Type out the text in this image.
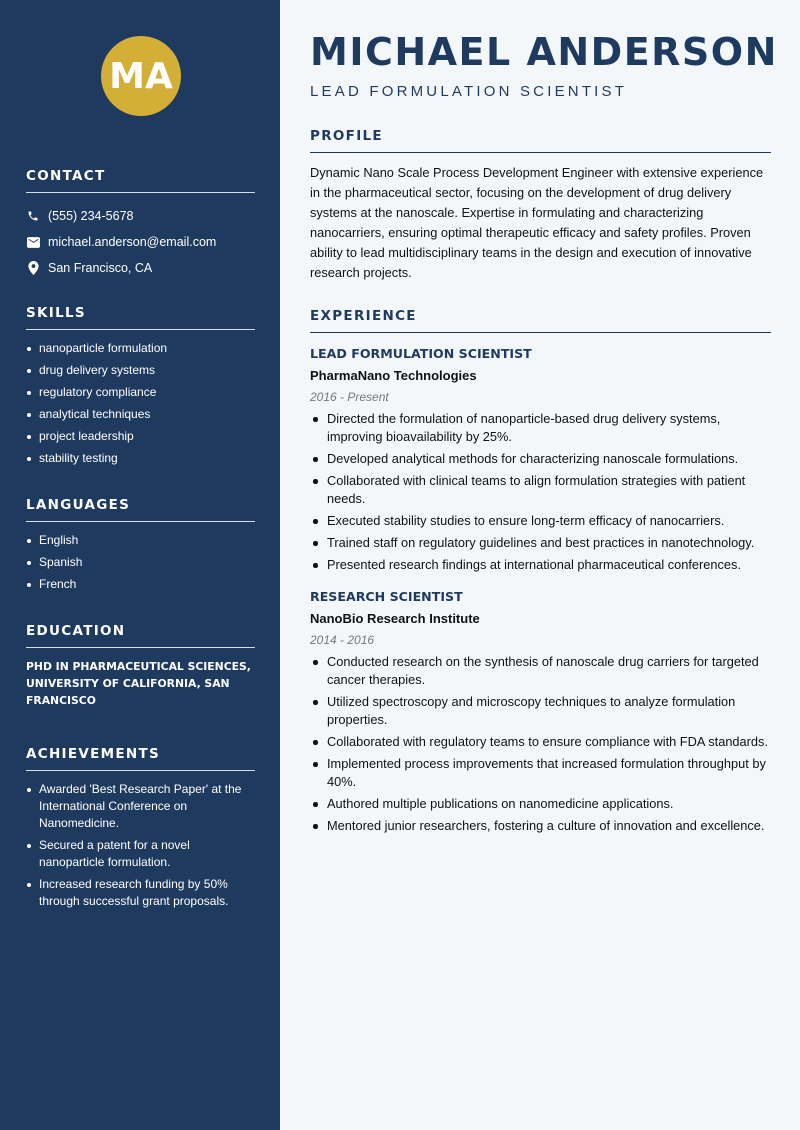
MA
CONTACT
(555) 234-5678
michael.anderson@email.com
San Francisco, CA
SKILLS
nanoparticle formulation
drug delivery systems
regulatory compliance
analytical techniques
project leadership
stability testing
LANGUAGES
English
Spanish
French
EDUCATION
PHD IN PHARMACEUTICAL SCIENCES, UNIVERSITY OF CALIFORNIA, SAN FRANCISCO
ACHIEVEMENTS
Awarded 'Best Research Paper' at the International Conference on Nanomedicine.
Secured a patent for a novel nanoparticle formulation.
Increased research funding by 50% through successful grant proposals.
MICHAEL ANDERSON
LEAD FORMULATION SCIENTIST
PROFILE
Dynamic Nano Scale Process Development Engineer with extensive experience in the pharmaceutical sector, focusing on the development of drug delivery systems at the nanoscale. Expertise in formulating and characterizing nanocarriers, ensuring optimal therapeutic efficacy and safety profiles. Proven ability to lead multidisciplinary teams in the design and execution of innovative research projects.
EXPERIENCE
LEAD FORMULATION SCIENTIST
PharmaNano Technologies
2016 - Present
Directed the formulation of nanoparticle-based drug delivery systems, improving bioavailability by 25%.
Developed analytical methods for characterizing nanoscale formulations.
Collaborated with clinical teams to align formulation strategies with patient needs.
Executed stability studies to ensure long-term efficacy of nanocarriers.
Trained staff on regulatory guidelines and best practices in nanotechnology.
Presented research findings at international pharmaceutical conferences.
RESEARCH SCIENTIST
NanoBio Research Institute
2014 - 2016
Conducted research on the synthesis of nanoscale drug carriers for targeted cancer therapies.
Utilized spectroscopy and microscopy techniques to analyze formulation properties.
Collaborated with regulatory teams to ensure compliance with FDA standards.
Implemented process improvements that increased formulation throughput by 40%.
Authored multiple publications on nanomedicine applications.
Mentored junior researchers, fostering a culture of innovation and excellence.
